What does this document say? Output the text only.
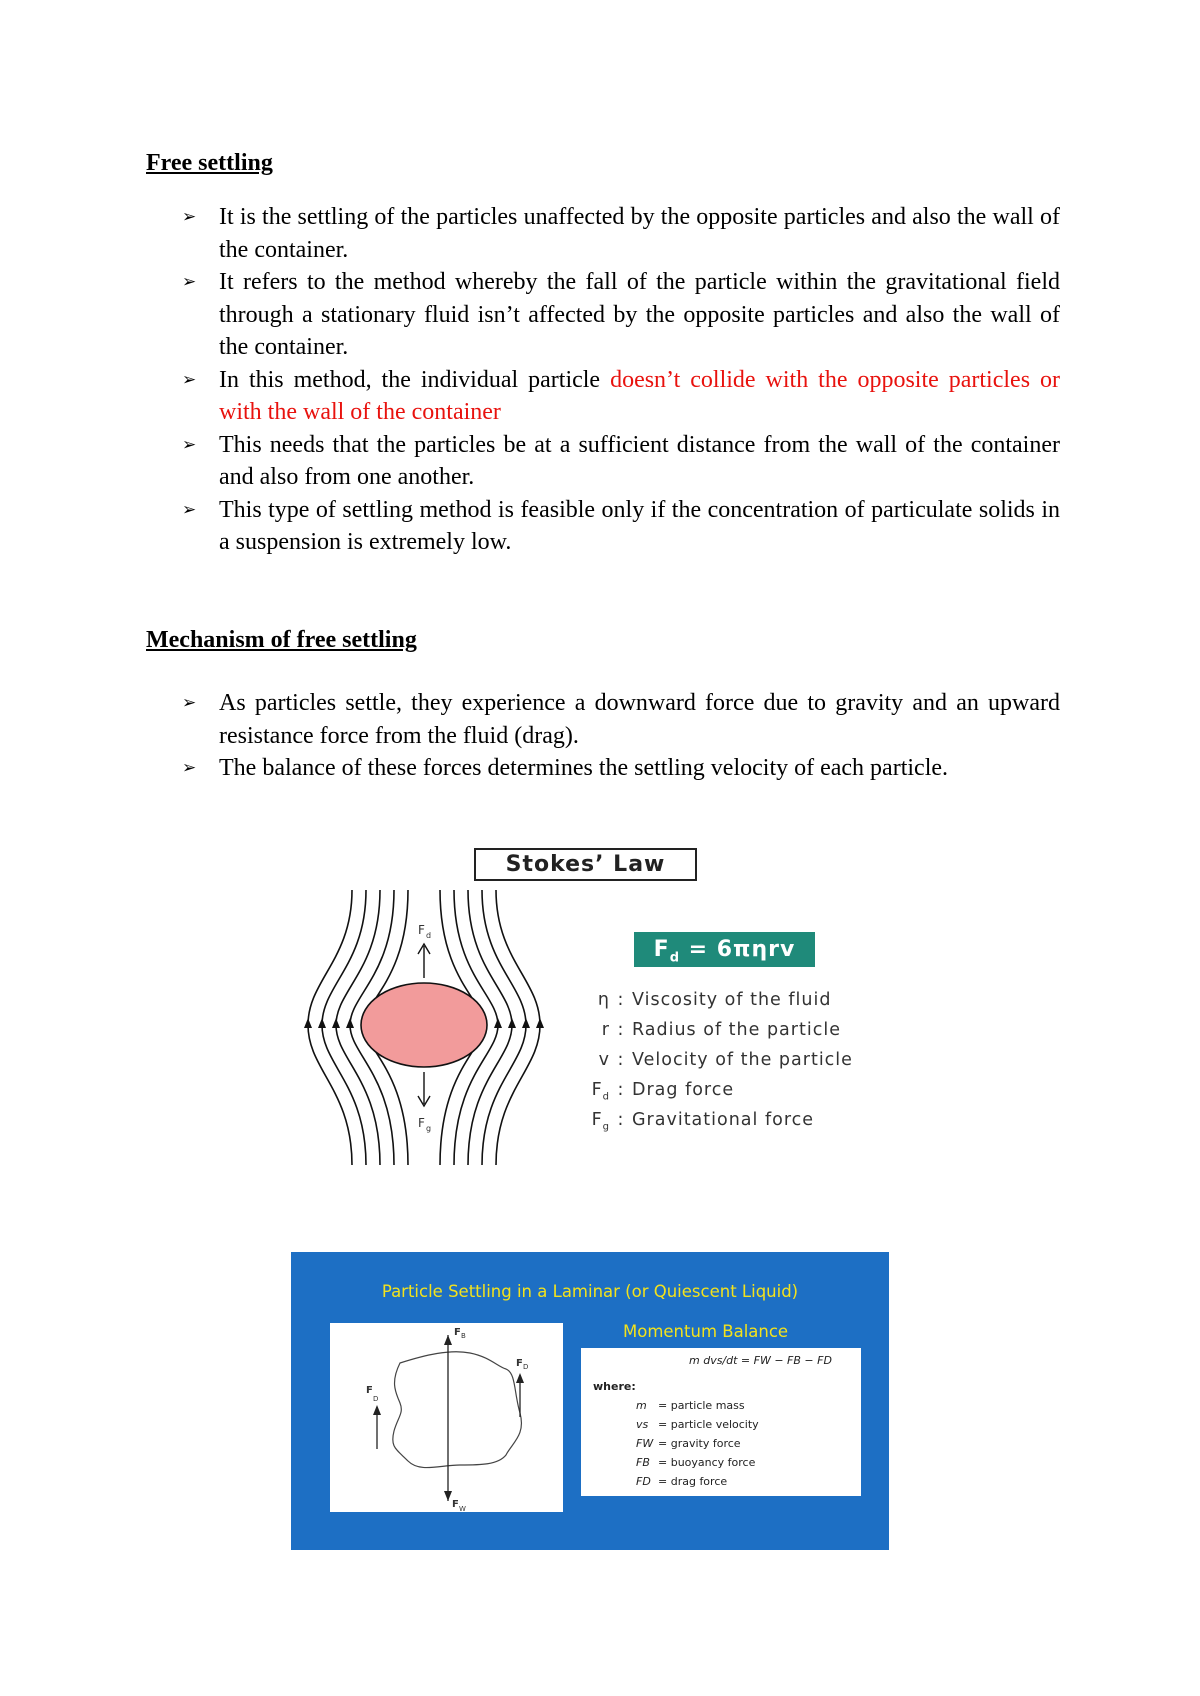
Free settling
➢ It is the settling of the particles unaffected by the opposite particles and also the wall of the container.
➢ It refers to the method whereby the fall of the particle within the gravitational field through a stationary fluid isn’t affected by the opposite particles and also the wall of the container.
➢ In this method, the individual particle doesn’t collide with the opposite particles or with the wall of the container
➢ This needs that the particles be at a sufficient distance from the wall of the container and also from one another.
➢ This type of settling method is feasible only if the concentration of particulate solids in a suspension is extremely low.
Mechanism of free settling
➢ As particles settle, they experience a downward force due to gravity and an upward resistance force from the fluid (drag).
➢ The balance of these forces determines the settling velocity of each particle.
Stokes’ Law
F d
F g
$F_d = 6\pi\eta rv$
η : Viscosity of the fluid
r : Radius of the particle
v : Velocity of the particle
$F_d$ : Drag force
$F_g$ : Gravitational force
Particle Settling in a Laminar (or Quiescent Liquid)
Momentum Balance
F B
F D
F
D
F W
m dvs/dt = FW − FB − FD
where:
m = particle mass
vs = particle velocity
FW = gravity force
FB = buoyancy force
FD = drag force
